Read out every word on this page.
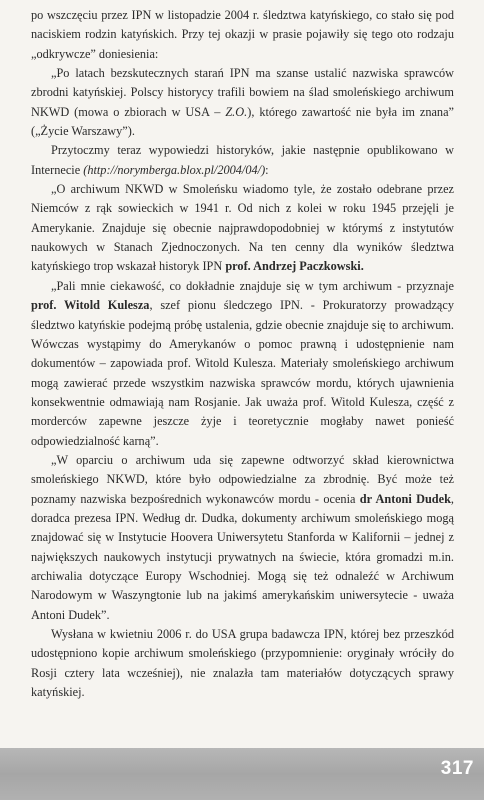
po wszczęciu przez IPN w listopadzie 2004 r. śledztwa katyńskiego, co stało się pod naciskiem rodzin katyńskich. Przy tej okazji w prasie pojawiły się tego oto rodzaju „odkrywcze” doniesienia:

„Po latach bezskutecznych starań IPN ma szanse ustalić nazwiska sprawców zbrodni katyńskiej. Polscy historycy trafili bowiem na ślad smoleńskiego archiwum NKWD (mowa o zbiorach w USA – Z.O.), którego zawartość nie była im znana” („Życie Warszawy”).

Przytoczmy teraz wypowiedzi historyków, jakie następnie opublikowano w Internecie (http://norymberga.blox.pl/2004/04/):

„O archiwum NKWD w Smoleńsku wiadomo tyle, że zostało odebrane przez Niemców z rąk sowieckich w 1941 r. Od nich z kolei w roku 1945 przejęli je Amerykanie. Znajduje się obecnie najprawdopodobniej w którymś z instytutów naukowych w Stanach Zjednoczonych. Na ten cenny dla wyników śledztwa katyńskiego trop wskazał historyk IPN prof. Andrzej Paczkowski.

„Pali mnie ciekawość, co dokładnie znajduje się w tym archiwum - przyznaje prof. Witold Kulesza, szef pionu śledczego IPN. - Prokuratorzy prowadzący śledztwo katyńskie podejmą próbę ustalenia, gdzie obecnie znajduje się to archiwum. Wówczas wystąpimy do Amerykanów o pomoc prawną i udostępnienie nam dokumentów – zapowiada prof. Witold Kulesza. Materiały smoleńskiego archiwum mogą zawierać przede wszystkim nazwiska sprawców mordu, których ujawnienia konsekwentnie odmawiają nam Rosjanie. Jak uważa prof. Witold Kulesza, część z morderców zapewne jeszcze żyje i teoretycznie mogłaby nawet ponieść odpowiedzialność karną”.

„W oparciu o archiwum uda się zapewne odtworzyć skład kierownictwa smoleńskiego NKWD, które było odpowiedzialne za zbrodnię. Być może też poznamy nazwiska bezpośrednich wykonawców mordu - ocenia dr Antoni Dudek, doradca prezesa IPN. Według dr. Dudka, dokumenty archiwum smoleńskiego mogą znajdować się w Instytucie Hoovera Uniwersytetu Stanforda w Kalifornii – jednej z największych naukowych instytucji prywatnych na świecie, która gromadzi m.in. archiwalia dotyczące Europy Wschodniej. Mogą się też odnaleźć w Archiwum Narodowym w Waszyngtonie lub na jakimś amerykańskim uniwersytecie - uważa Antoni Dudek”.

Wysłana w kwietniu 2006 r. do USA grupa badawcza IPN, której bez przeszkód udostępniono kopie archiwum smoleńskiego (przypomnienie: oryginały wróciły do Rosji cztery lata wcześniej), nie znalazła tam materiałów dotyczących sprawy katyńskiej.

317
